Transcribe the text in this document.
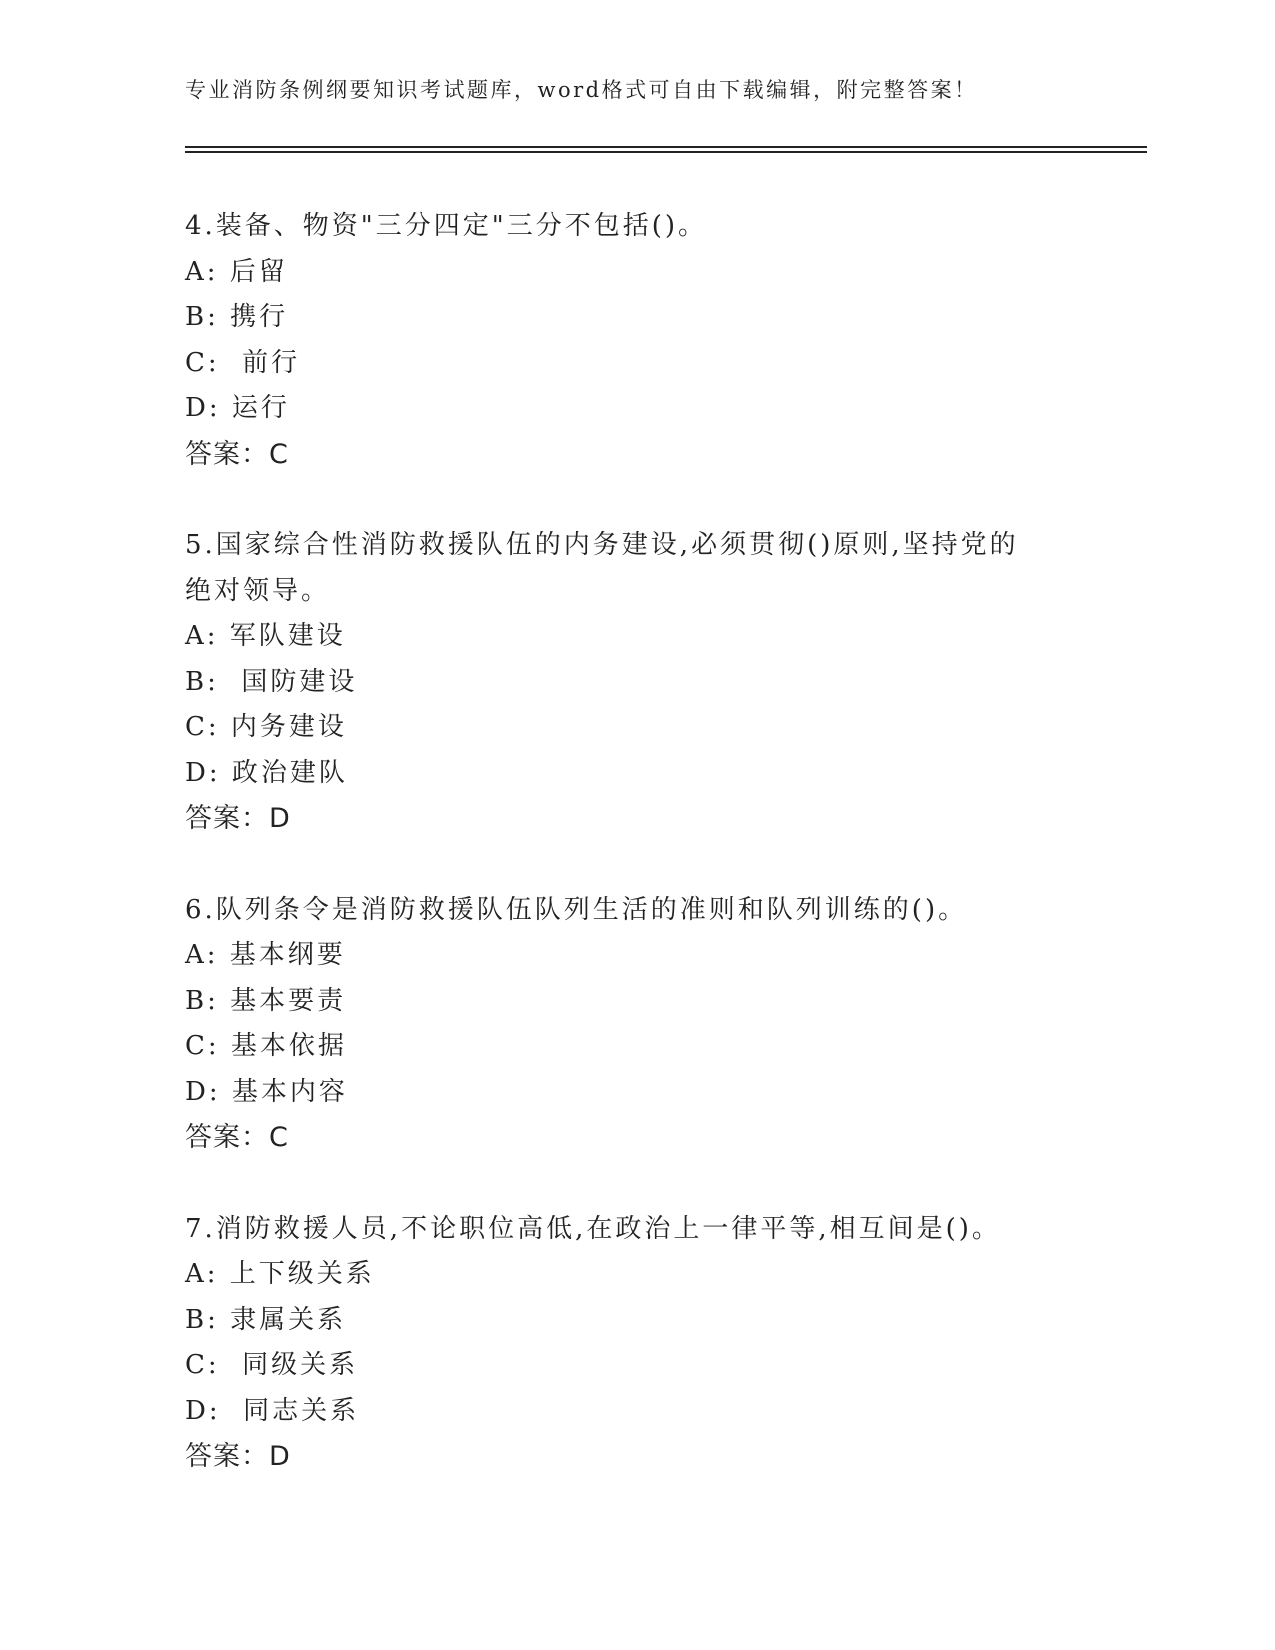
专业消防条例纲要知识考试题库，word格式可自由下载编辑，附完整答案！
4.装备、物资"三分四定"三分不包括()。
A: 后留
B: 携行
C:  前行
D: 运行
答案：C
5.国家综合性消防救援队伍的内务建设,必须贯彻()原则,坚持党的绝对领导。
A: 军队建设
B:  国防建设
C: 内务建设
D: 政治建队
答案：D
6.队列条令是消防救援队伍队列生活的准则和队列训练的()。
A: 基本纲要
B: 基本要责
C: 基本依据
D: 基本内容
答案：C
7.消防救援人员,不论职位高低,在政治上一律平等,相互间是()。
A: 上下级关系
B: 隶属关系
C:  同级关系
D:  同志关系
答案：D
